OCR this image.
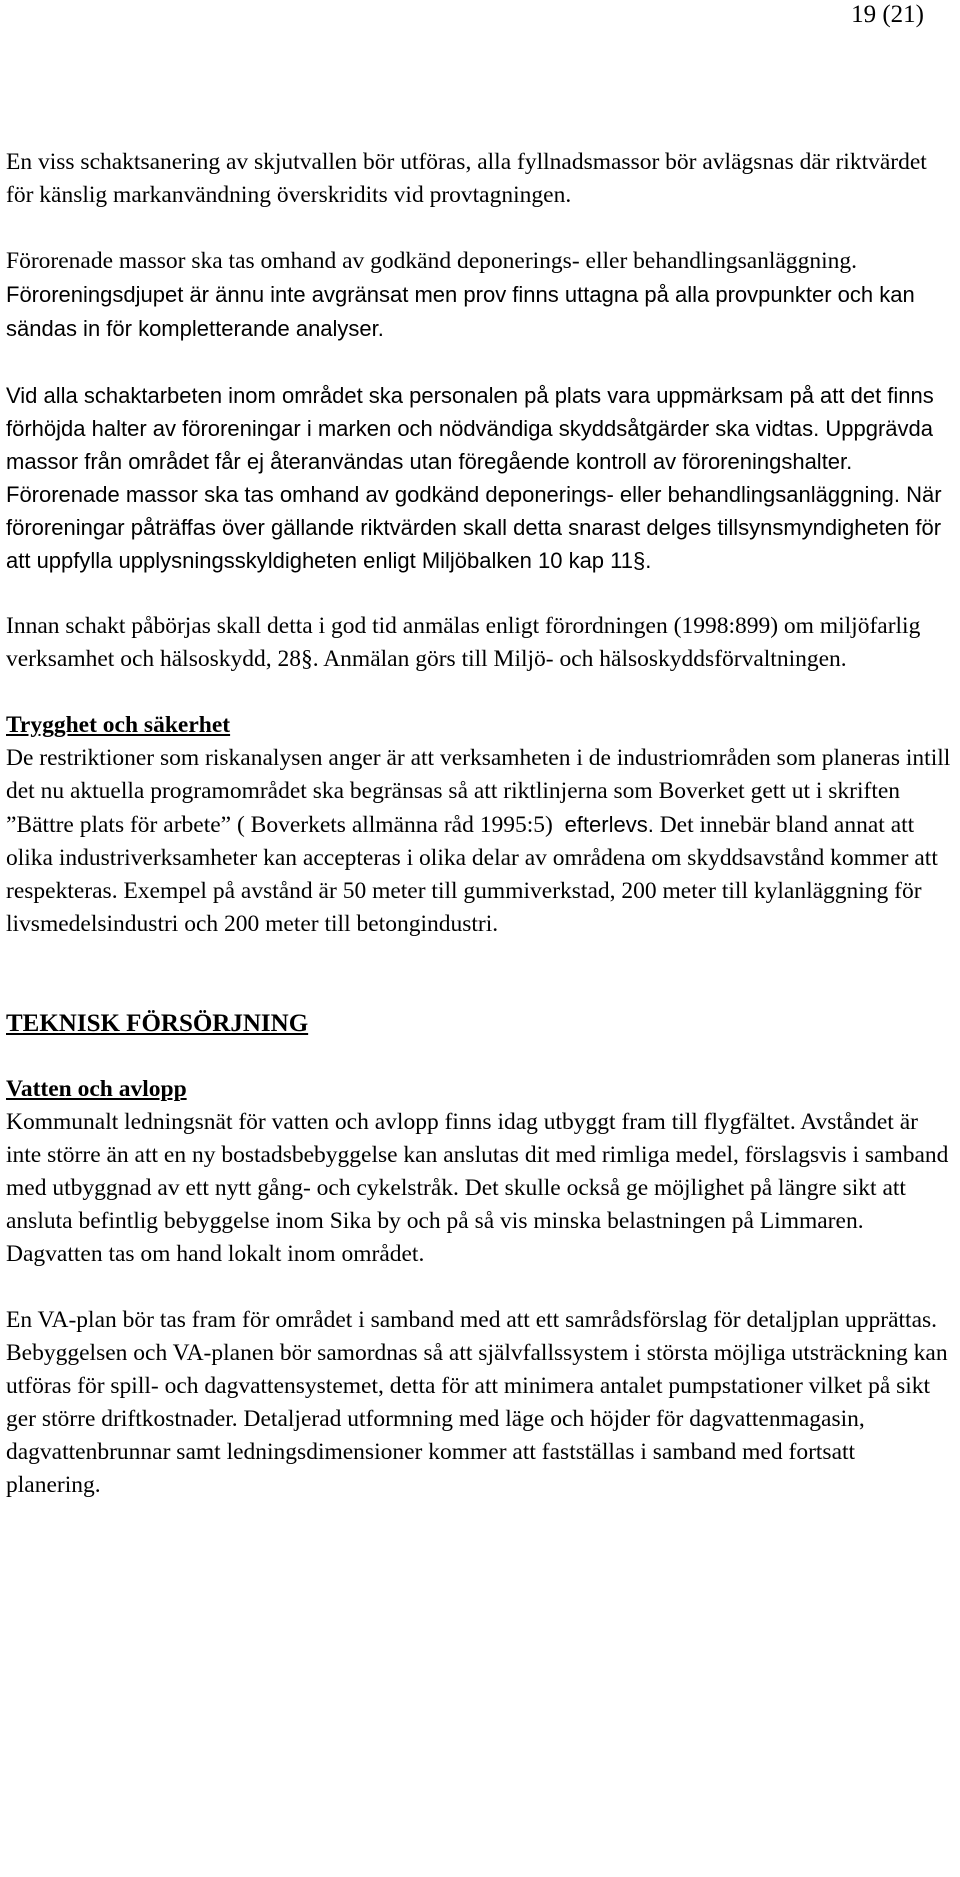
19 (21)

En viss schaktsanering av skjutvallen bör utföras, alla fyllnadsmassor bör avlägsnas där riktvärdet för känslig markanvändning överskridits vid provtagningen.

Förorenade massor ska tas omhand av godkänd deponerings- eller behandlingsanläggning. Föroreningsdjupet är ännu inte avgränsat men prov finns uttagna på alla provpunkter och kan sändas in för kompletterande analyser.

Vid alla schaktarbeten inom området ska personalen på plats vara uppmärksam på att det finns förhöjda halter av föroreningar i marken och nödvändiga skyddsåtgärder ska vidtas. Uppgrävda massor från området får ej återanvändas utan föregående kontroll av föroreningshalter. Förorenade massor ska tas omhand av godkänd deponerings- eller behandlingsanläggning. När föroreningar påträffas över gällande riktvärden skall detta snarast delges tillsynsmyndigheten för att uppfylla upplysningsskyldigheten enligt Miljöbalken 10 kap 11§.

Innan schakt påbörjas skall detta i god tid anmälas enligt förordningen (1998:899) om miljöfarlig verksamhet och hälsoskydd, 28§. Anmälan görs till Miljö- och hälsoskyddsförvaltningen.

Trygghet och säkerhet

De restriktioner som riskanalysen anger är att verksamheten i de industriområden som planeras intill det nu aktuella programområdet ska begränsas så att riktlinjerna som Boverket gett ut i skriften ”Bättre plats för arbete” ( Boverkets allmänna råd 1995:5) efterlevs. Det innebär bland annat att olika industriverksamheter kan accepteras i olika delar av områdena om skyddsavstånd kommer att respekteras. Exempel på avstånd är 50 meter till gummiverkstad, 200 meter till kylanläggning för livsmedelsindustri och 200 meter till betongindustri.

TEKNISK FÖRSÖRJNING

Vatten och avlopp

Kommunalt ledningsnät för vatten och avlopp finns idag utbyggt fram till flygfältet. Avståndet är inte större än att en ny bostadsbebyggelse kan anslutas dit med rimliga medel, förslagsvis i samband med utbyggnad av ett nytt gång- och cykelstråk. Det skulle också ge möjlighet på längre sikt att ansluta befintlig bebyggelse inom Sika by och på så vis minska belastningen på Limmaren. Dagvatten tas om hand lokalt inom området.

En VA-plan bör tas fram för området i samband med att ett samrådsförslag för detaljplan upprättas. Bebyggelsen och VA-planen bör samordnas så att självfallssystem i största möjliga utsträckning kan utföras för spill- och dagvattensystemet, detta för att minimera antalet pumpstationer vilket på sikt ger större driftkostnader. Detaljerad utformning med läge och höjder för dagvattenmagasin, dagvattenbrunnar samt ledningsdimensioner kommer att fastställas i samband med fortsatt planering.
